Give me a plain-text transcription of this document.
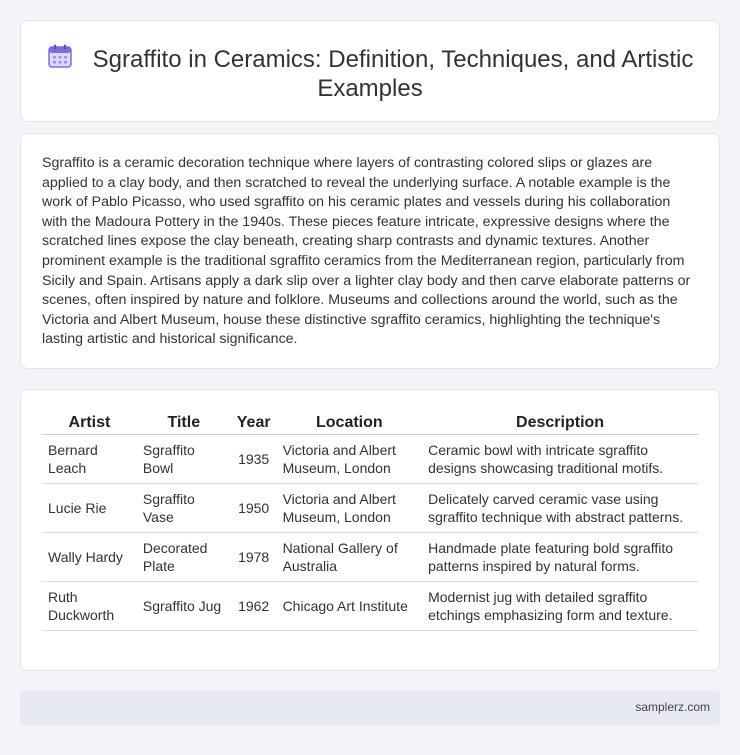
Sgraffito in Ceramics: Definition, Techniques, and Artistic Examples

Sgraffito is a ceramic decoration technique where layers of contrasting colored slips or glazes are applied to a clay body, and then scratched to reveal the underlying surface. A notable example is the work of Pablo Picasso, who used sgraffito on his ceramic plates and vessels during his collaboration with the Madoura Pottery in the 1940s. These pieces feature intricate, expressive designs where the scratched lines expose the clay beneath, creating sharp contrasts and dynamic textures. Another prominent example is the traditional sgraffito ceramics from the Mediterranean region, particularly from Sicily and Spain. Artisans apply a dark slip over a lighter clay body and then carve elaborate patterns or scenes, often inspired by nature and folklore. Museums and collections around the world, such as the Victoria and Albert Museum, house these distinctive sgraffito ceramics, highlighting the technique's lasting artistic and historical significance.

Artist	Title	Year	Location	Description
Bernard Leach	Sgraffito Bowl	1935	Victoria and Albert Museum, London	Ceramic bowl with intricate sgraffito designs showcasing traditional motifs.
Lucie Rie	Sgraffito Vase	1950	Victoria and Albert Museum, London	Delicately carved ceramic vase using sgraffito technique with abstract patterns.
Wally Hardy	Decorated Plate	1978	National Gallery of Australia	Handmade plate featuring bold sgraffito patterns inspired by natural forms.
Ruth Duckworth	Sgraffito Jug	1962	Chicago Art Institute	Modernist jug with detailed sgraffito etchings emphasizing form and texture.
samplerz.com
